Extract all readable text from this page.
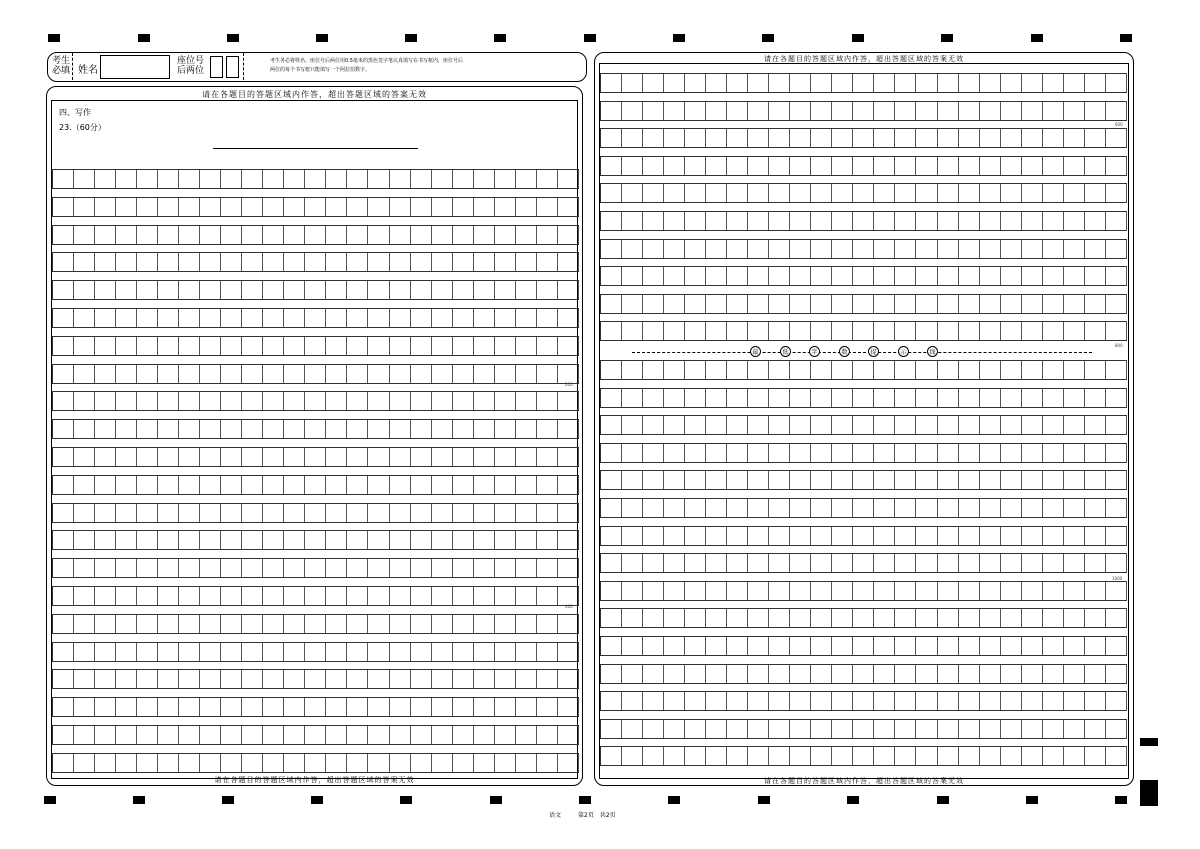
考生
必填 姓名
座位号
后两位
考生务必将姓名、座位号后两位用0.5毫米的黑色签字笔认真填写在书写框内，座位号后
两位的每个书写框只能填写一个阿拉伯数字。
请在各题目的答题区域内作答，超出答题区域的答案无效
四、写作
23.（60分）
请在各题目的答题区域内作答，超出答题区域的答案无效
200
400
请在各题目的答题区域内作答，超出答题区域的答案无效
请在各题目的答题区域内作答，超出答题区域的答案无效
600
800
1000
最	低	字	数	提	示	线
语文	第2页　共2页
